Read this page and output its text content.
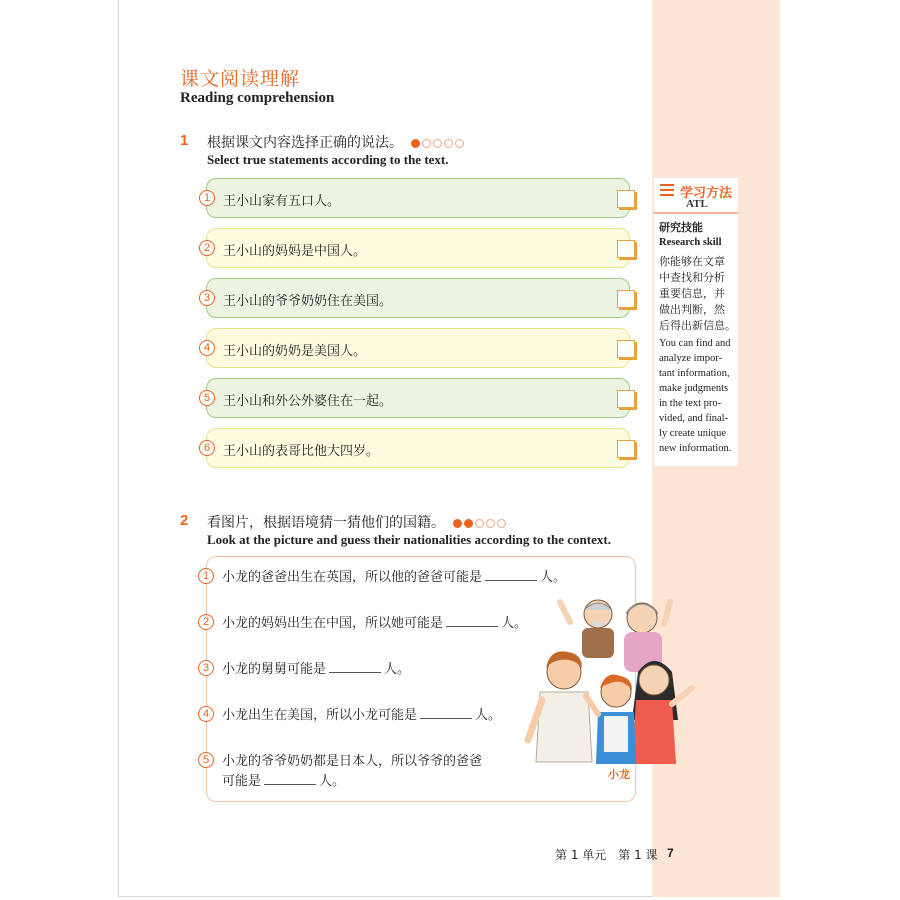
课文阅读理解
Reading comprehension
1 根据课文内容选择正确的说法。
Select true statements according to the text.
1 王小山家有五口人。
2 王小山的妈妈是中国人。
3 王小山的爷爷奶奶住在美国。
4 王小山的奶奶是美国人。
5 王小山和外公外婆住在一起。
6 王小山的表哥比他大四岁。
学习方法
ATL
研究技能
Research skill
你能够在文章
中查找和分析
重要信息，并
做出判断，然
后得出新信息。
You can find and
analyze impor-
tant information,
make judgments
in the text pro-
vided, and final-
ly create unique
new information.
2 看图片，根据语境猜一猜他们的国籍。
Look at the picture and guess their nationalities according to the context.
1 小龙的爸爸出生在英国，所以他的爸爸可能是	人。
2 小龙的妈妈出生在中国，所以她可能是	人。
3 小龙的舅舅可能是	人。
4 小龙出生在美国，所以小龙可能是	人。
5 小龙的爷爷奶奶都是日本人，所以爷爷的爸爸
可能是	人。	小龙
第 1 单元　第 1 课 7
